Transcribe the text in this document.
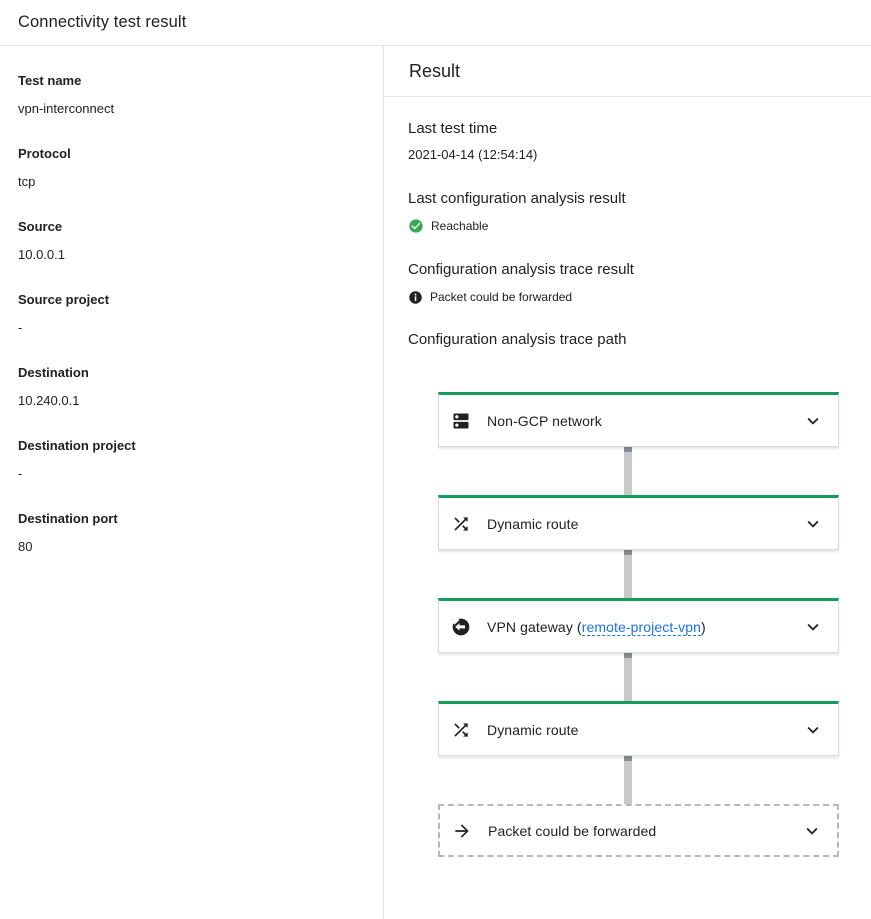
Connectivity test result
Test name
vpn-interconnect
Protocol
tcp
Source
10.0.0.1
Source project
-
Destination
10.240.0.1
Destination project
-
Destination port
80
Result
Last test time
2021-04-14 (12:54:14)
Last configuration analysis result
Reachable
Configuration analysis trace result
Packet could be forwarded
Configuration analysis trace path
Non-GCP network
Dynamic route
VPN gateway (remote-project-vpn)
Dynamic route
Packet could be forwarded
